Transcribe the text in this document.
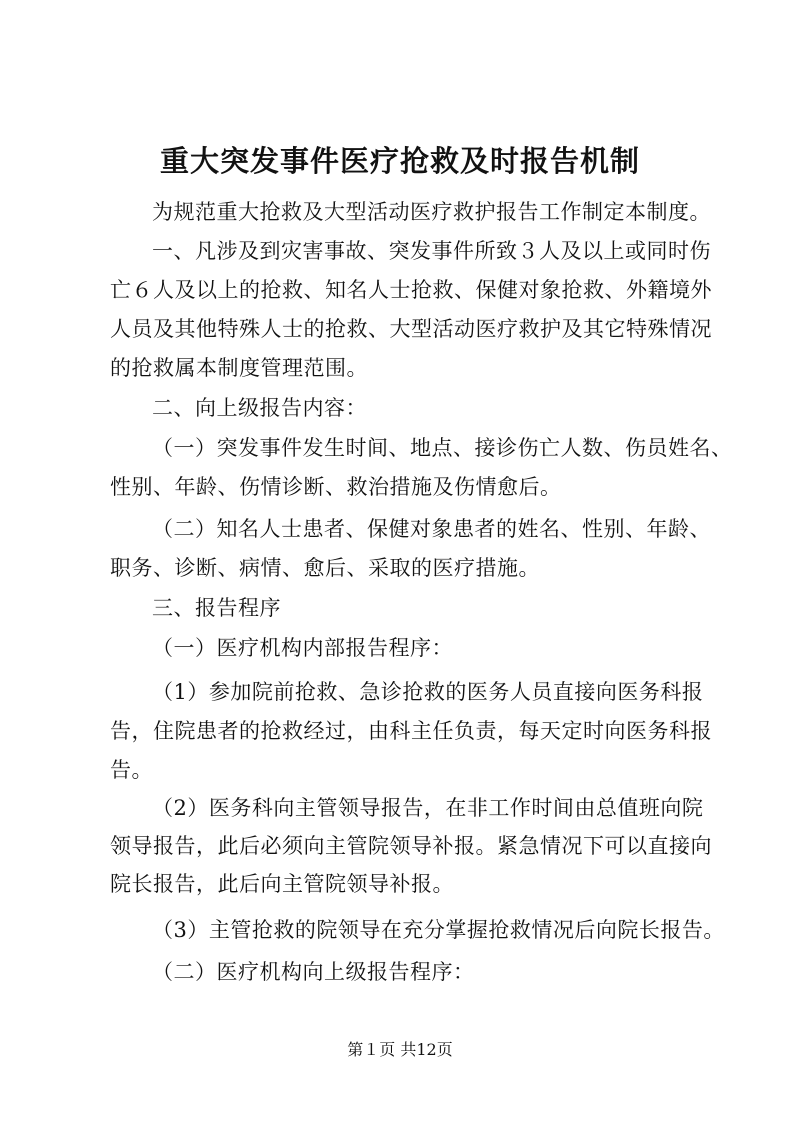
重大突发事件医疗抢救及时报告机制
为规范重大抢救及大型活动医疗救护报告工作制定本制度。
一、凡涉及到灾害事故、突发事件所致３人及以上或同时伤
亡６人及以上的抢救、知名人士抢救、保健对象抢救、外籍境外
人员及其他特殊人士的抢救、大型活动医疗救护及其它特殊情况
的抢救属本制度管理范围。
二、向上级报告内容：
（一）突发事件发生时间、地点、接诊伤亡人数、伤员姓名、
性别、年龄、伤情诊断、救治措施及伤情愈后。
（二）知名人士患者、保健对象患者的姓名、性别、年龄、
职务、诊断、病情、愈后、采取的医疗措施。
三、报告程序
（一）医疗机构内部报告程序：
（1）参加院前抢救、急诊抢救的医务人员直接向医务科报
告，住院患者的抢救经过，由科主任负责，每天定时向医务科报
告。
（2）医务科向主管领导报告，在非工作时间由总值班向院
领导报告，此后必须向主管院领导补报。紧急情况下可以直接向
院长报告，此后向主管院领导补报。
（3）主管抢救的院领导在充分掌握抢救情况后向院长报告。
（二）医疗机构向上级报告程序：
第１页 共12页
